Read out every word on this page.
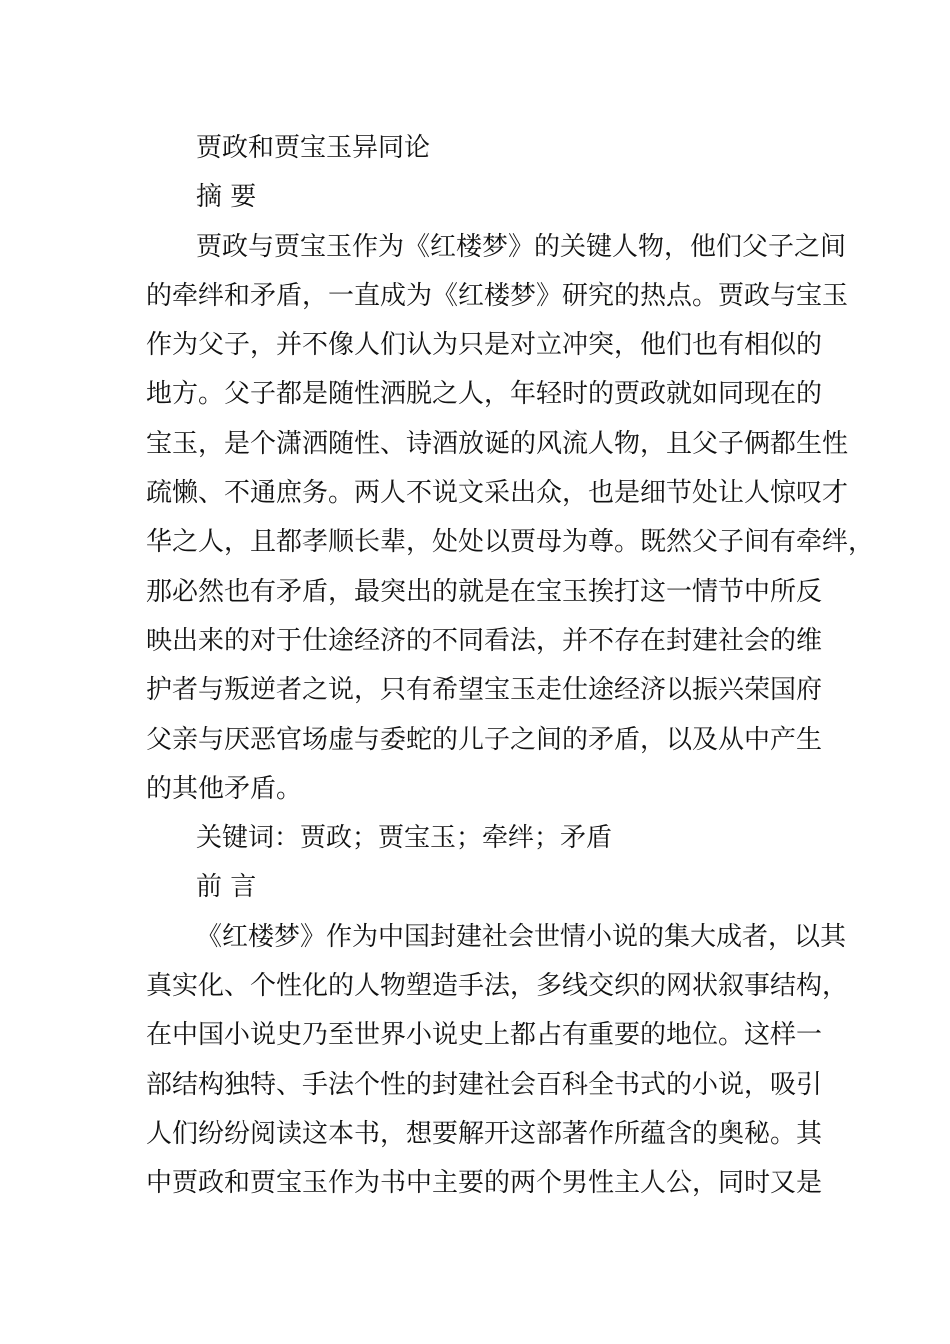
贾政和贾宝玉异同论
摘 要
贾政与贾宝玉作为《红楼梦》的关键人物，他们父子之间
的牵绊和矛盾，一直成为《红楼梦》研究的热点。贾政与宝玉
作为父子，并不像人们认为只是对立冲突，他们也有相似的
地方。父子都是随性洒脱之人，年轻时的贾政就如同现在的
宝玉，是个潇洒随性、诗酒放诞的风流人物，且父子俩都生性
疏懒、不通庶务。两人不说文采出众，也是细节处让人惊叹才
华之人，且都孝顺长辈，处处以贾母为尊。既然父子间有牵绊，
那必然也有矛盾，最突出的就是在宝玉挨打这一情节中所反
映出来的对于仕途经济的不同看法，并不存在封建社会的维
护者与叛逆者之说，只有希望宝玉走仕途经济以振兴荣国府
父亲与厌恶官场虚与委蛇的儿子之间的矛盾，以及从中产生
的其他矛盾。
关键词：贾政；贾宝玉；牵绊；矛盾
前 言
《红楼梦》作为中国封建社会世情小说的集大成者，以其
真实化、个性化的人物塑造手法，多线交织的网状叙事结构，
在中国小说史乃至世界小说史上都占有重要的地位。这样一
部结构独特、手法个性的封建社会百科全书式的小说，吸引
人们纷纷阅读这本书，想要解开这部著作所蕴含的奥秘。其
中贾政和贾宝玉作为书中主要的两个男性主人公，同时又是
